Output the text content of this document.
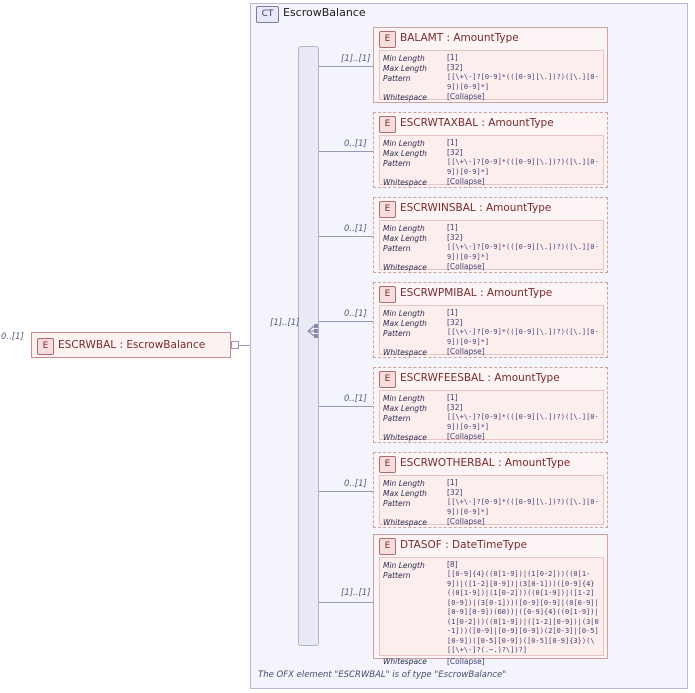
CT EscrowBalance
The OFX element "ESCRWBAL" is of type "EscrowBalance"
[1]..[1]
0..[1]
E ESCRWBAL : EscrowBalance
[1]..[1]
E BALAMT : AmountType
Min Length	[1]
Max Length	[32]
Pattern	[[\+\-]?[0-9]*(([0-9][\.])?)([\.][0-9])[0-9]*]
Whitespace	[Collapse]
0..[1]
E ESCRWTAXBAL : AmountType
Min Length	[1]
Max Length	[32]
Pattern	[[\+\-]?[0-9]*(([0-9][\.])?)([\.][0-9])[0-9]*]
Whitespace	[Collapse]
0..[1]
E ESCRWINSBAL : AmountType
Min Length	[1]
Max Length	[32]
Pattern	[[\+\-]?[0-9]*(([0-9][\.])?)([\.][0-9])[0-9]*]
Whitespace	[Collapse]
0..[1]
E ESCRWPMIBAL : AmountType
Min Length	[1]
Max Length	[32]
Pattern	[[\+\-]?[0-9]*(([0-9][\.])?)([\.][0-9])[0-9]*]
Whitespace	[Collapse]
0..[1]
E ESCRWFEESBAL : AmountType
Min Length	[1]
Max Length	[32]
Pattern	[[\+\-]?[0-9]*(([0-9][\.])?)([\.][0-9])[0-9]*]
Whitespace	[Collapse]
0..[1]
E ESCRWOTHERBAL : AmountType
Min Length	[1]
Max Length	[32]
Pattern	[[\+\-]?[0-9]*(([0-9][\.])?)([\.][0-9])[0-9]*]
Whitespace	[Collapse]
[1]..[1]
E DTASOF : DateTimeType
Min Length	[8]
Pattern	[[0-9]{4}((0[1-9])|(1[0-2]))((0[1-9])|([1-2][0-9])|(3[0-1]))([0-9]{4}((0[1-9])|(1[0-2]))((0[1-9])|([1-2][0-9])|(3[0-1]))([0-9][0-9]|(0[0-9]|[0-9][0-9])(60))|([0-9]{4}((0[1-9])|(1[0-2]))((0[1-9])|([1-2][0-9])|(3[0-1]))([0-9]|[0-9][0-9])(2[0-3]|[0-5][0-9])([0-5][0-9])([0-5][0-9]{3})(\[[\+\-]?(.~.)?\])?]
Whitespace	[Collapse]
